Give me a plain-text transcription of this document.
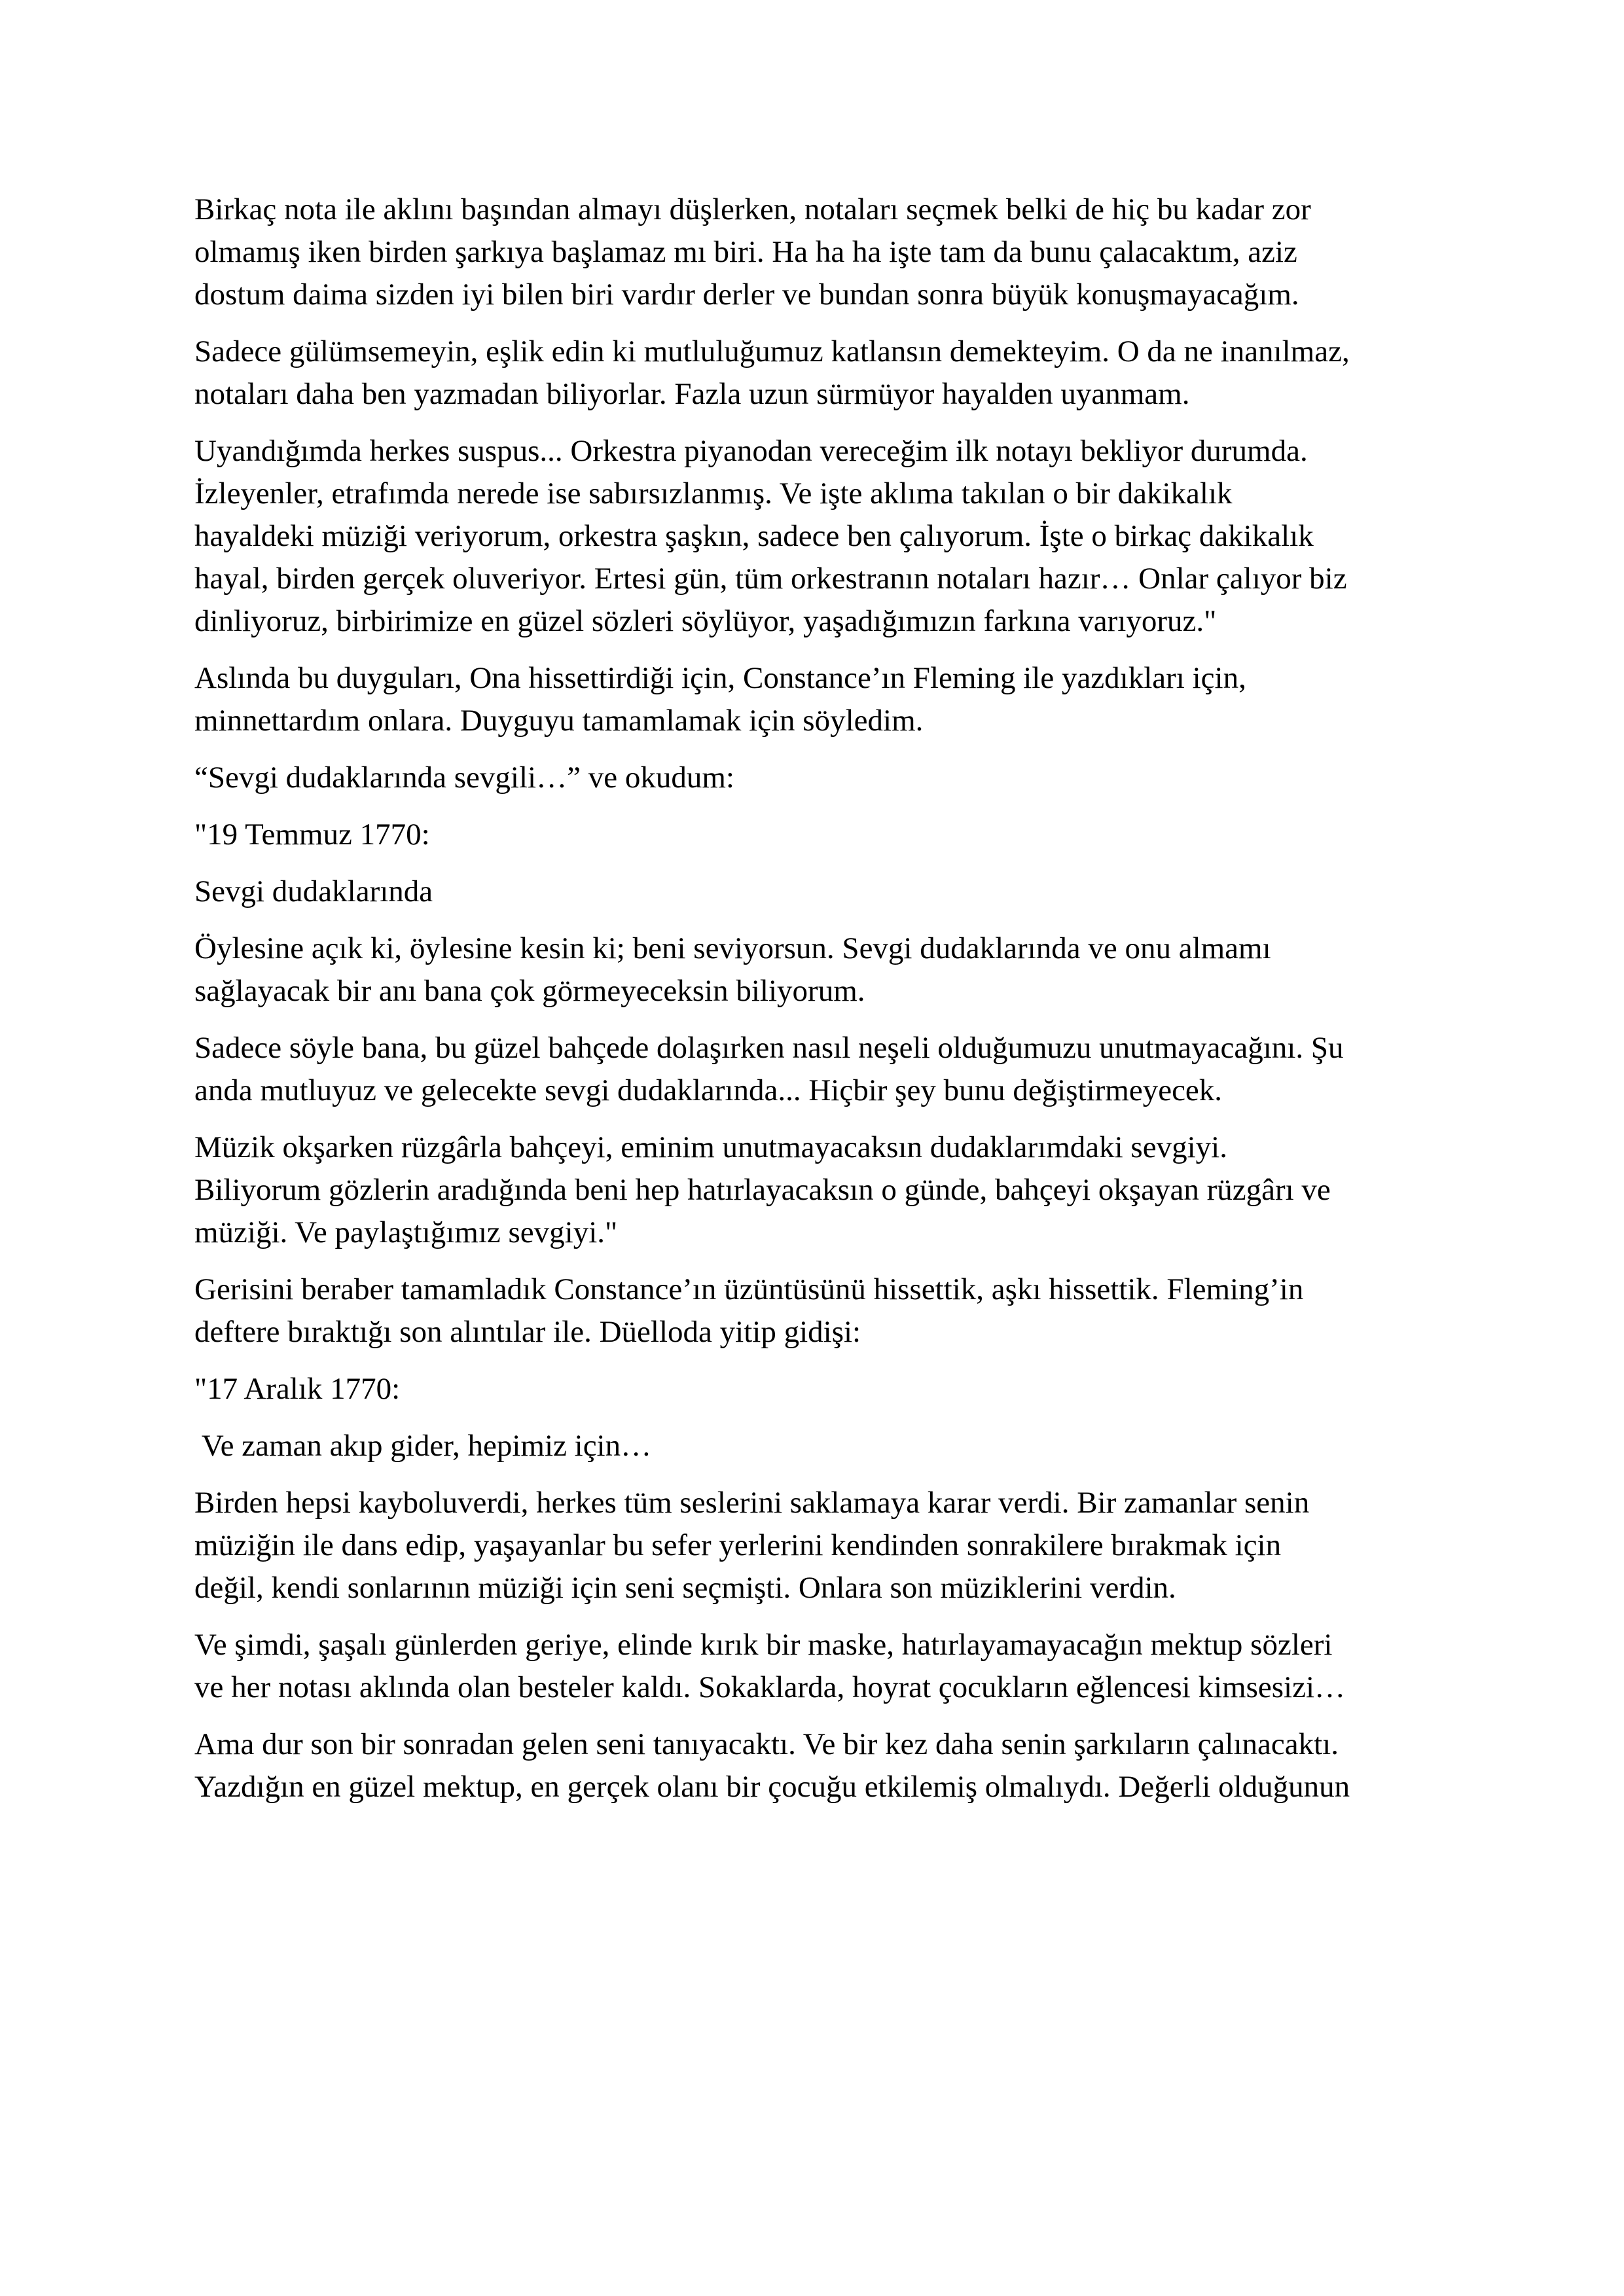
Birkaç nota ile aklını başından almayı düşlerken, notaları seçmek belki de hiç bu kadar zor
olmamış iken birden şarkıya başlamaz mı biri. Ha ha ha işte tam da bunu çalacaktım, aziz
dostum daima sizden iyi bilen biri vardır derler ve bundan sonra büyük konuşmayacağım.

Sadece gülümsemeyin, eşlik edin ki mutluluğumuz katlansın demekteyim. O da ne inanılmaz,
notaları daha ben yazmadan biliyorlar. Fazla uzun sürmüyor hayalden uyanmam.

Uyandığımda herkes suspus... Orkestra piyanodan vereceğim ilk notayı bekliyor durumda.
İzleyenler, etrafımda nerede ise sabırsızlanmış. Ve işte aklıma takılan o bir dakikalık
hayaldeki müziği veriyorum, orkestra şaşkın, sadece ben çalıyorum. İşte o birkaç dakikalık
hayal, birden gerçek oluveriyor. Ertesi gün, tüm orkestranın notaları hazır… Onlar çalıyor biz
dinliyoruz, birbirimize en güzel sözleri söylüyor, yaşadığımızın farkına varıyoruz."

Aslında bu duyguları, Ona hissettirdiği için, Constance’ın Fleming ile yazdıkları için,
minnettardım onlara. Duyguyu tamamlamak için söyledim.

“Sevgi dudaklarında sevgili…” ve okudum:

"19 Temmuz 1770:

Sevgi dudaklarında

Öylesine açık ki, öylesine kesin ki; beni seviyorsun. Sevgi dudaklarında ve onu almamı
sağlayacak bir anı bana çok görmeyeceksin biliyorum.

Sadece söyle bana, bu güzel bahçede dolaşırken nasıl neşeli olduğumuzu unutmayacağını. Şu
anda mutluyuz ve gelecekte sevgi dudaklarında... Hiçbir şey bunu değiştirmeyecek.

Müzik okşarken rüzgârla bahçeyi, eminim unutmayacaksın dudaklarımdaki sevgiyi.
Biliyorum gözlerin aradığında beni hep hatırlayacaksın o günde, bahçeyi okşayan rüzgârı ve
müziği. Ve paylaştığımız sevgiyi."

Gerisini beraber tamamladık Constance’ın üzüntüsünü hissettik, aşkı hissettik. Fleming’in
deftere bıraktığı son alıntılar ile. Düelloda yitip gidişi:

"17 Aralık 1770:

Ve zaman akıp gider, hepimiz için…

Birden hepsi kayboluverdi, herkes tüm seslerini saklamaya karar verdi. Bir zamanlar senin
müziğin ile dans edip, yaşayanlar bu sefer yerlerini kendinden sonrakilere bırakmak için
değil, kendi sonlarının müziği için seni seçmişti. Onlara son müziklerini verdin.

Ve şimdi, şaşalı günlerden geriye, elinde kırık bir maske, hatırlayamayacağın mektup sözleri
ve her notası aklında olan besteler kaldı. Sokaklarda, hoyrat çocukların eğlencesi kimsesizi…

Ama dur son bir sonradan gelen seni tanıyacaktı. Ve bir kez daha senin şarkıların çalınacaktı.
Yazdığın en güzel mektup, en gerçek olanı bir çocuğu etkilemiş olmalıydı. Değerli olduğunun
